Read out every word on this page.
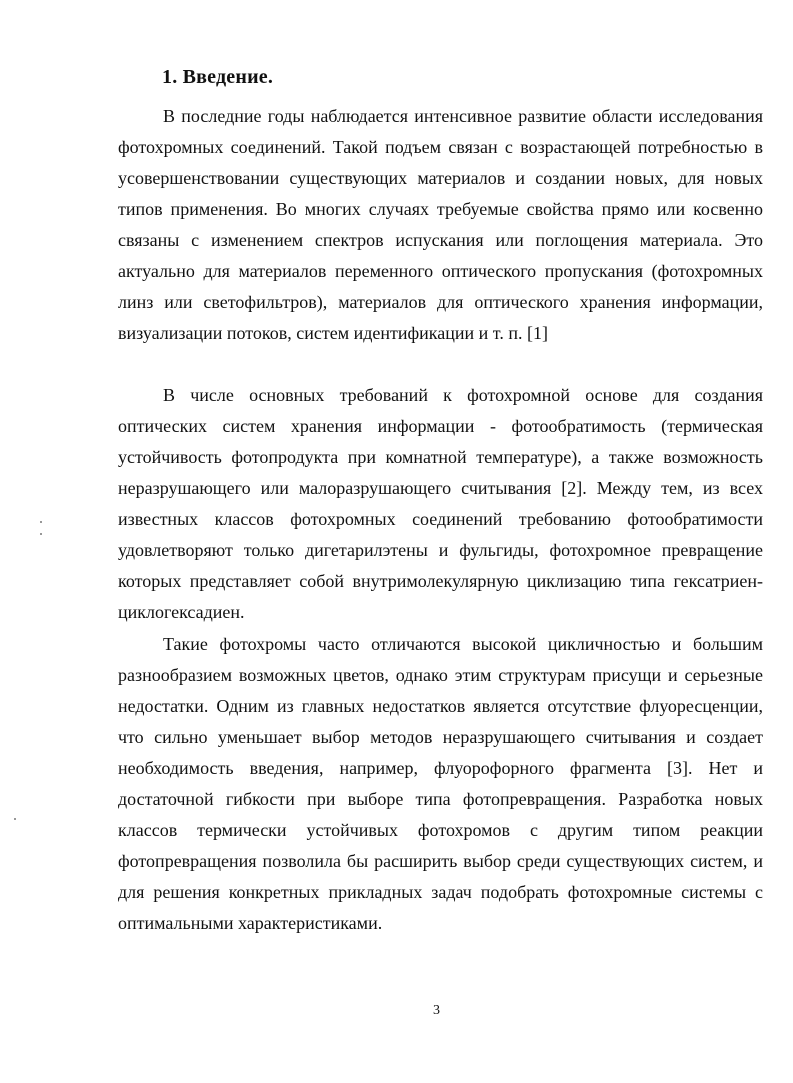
1. Введение.

В последние годы наблюдается интенсивное развитие области исследования фотохромных соединений. Такой подъем связан с возрастающей потребностью в усовершенствовании существующих материалов и создании новых, для новых типов применения. Во многих случаях требуемые свойства прямо или косвенно связаны с изменением спектров испускания или поглощения материала. Это актуально для материалов переменного оптического пропускания (фотохромных линз или светофильтров), материалов для оптического хранения информации, визуализации потоков, систем идентификации и т. п. [1]

В числе основных требований к фотохромной основе для создания оптических систем хранения информации - фотообратимость (термическая устойчивость фотопродукта при комнатной температуре), а также возможность неразрушающего или малоразрушающего считывания [2]. Между тем, из всех известных классов фотохромных соединений требованию фотообратимости удовлетворяют только дигетарилэтены и фульгиды, фотохромное превращение которых представляет собой внутримолекулярную циклизацию типа гексатриен-циклогексадиен.

Такие фотохромы часто отличаются высокой цикличностью и большим разнообразием возможных цветов, однако этим структурам присущи и серьезные недостатки. Одним из главных недостатков является отсутствие флуоресценции, что сильно уменьшает выбор методов неразрушающего считывания и создает необходимость введения, например, флуорофорного фрагмента [3]. Нет и достаточной гибкости при выборе типа фотопревращения. Разработка новых классов термически устойчивых фотохромов с другим типом реакции фотопревращения позволила бы расширить выбор среди существующих систем, и для решения конкретных прикладных задач подобрать фотохромные системы с оптимальными характеристиками.

3
